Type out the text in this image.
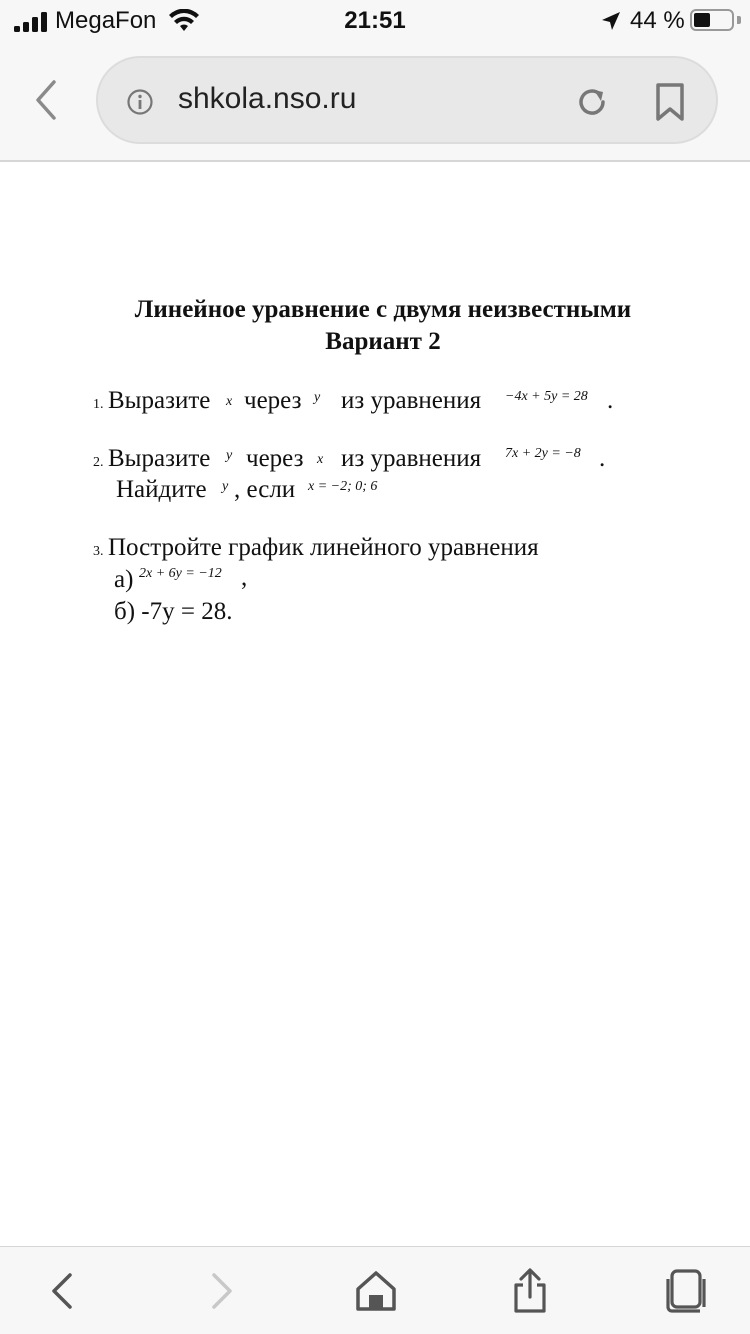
MegaFon	21:51	44 %
shkola.nso.ru
Линейное уравнение с двумя неизвестными
Вариант 2
1. Выразите x через y из уравнения −4x + 5y = 28 .
2. Выразите y через x из уравнения 7x + 2y = −8 .
Найдите y , если x = −2; 0; 6
3. Постройте график линейного уравнения
а) 2x + 6y = −12 ,
б) -7у = 28.
